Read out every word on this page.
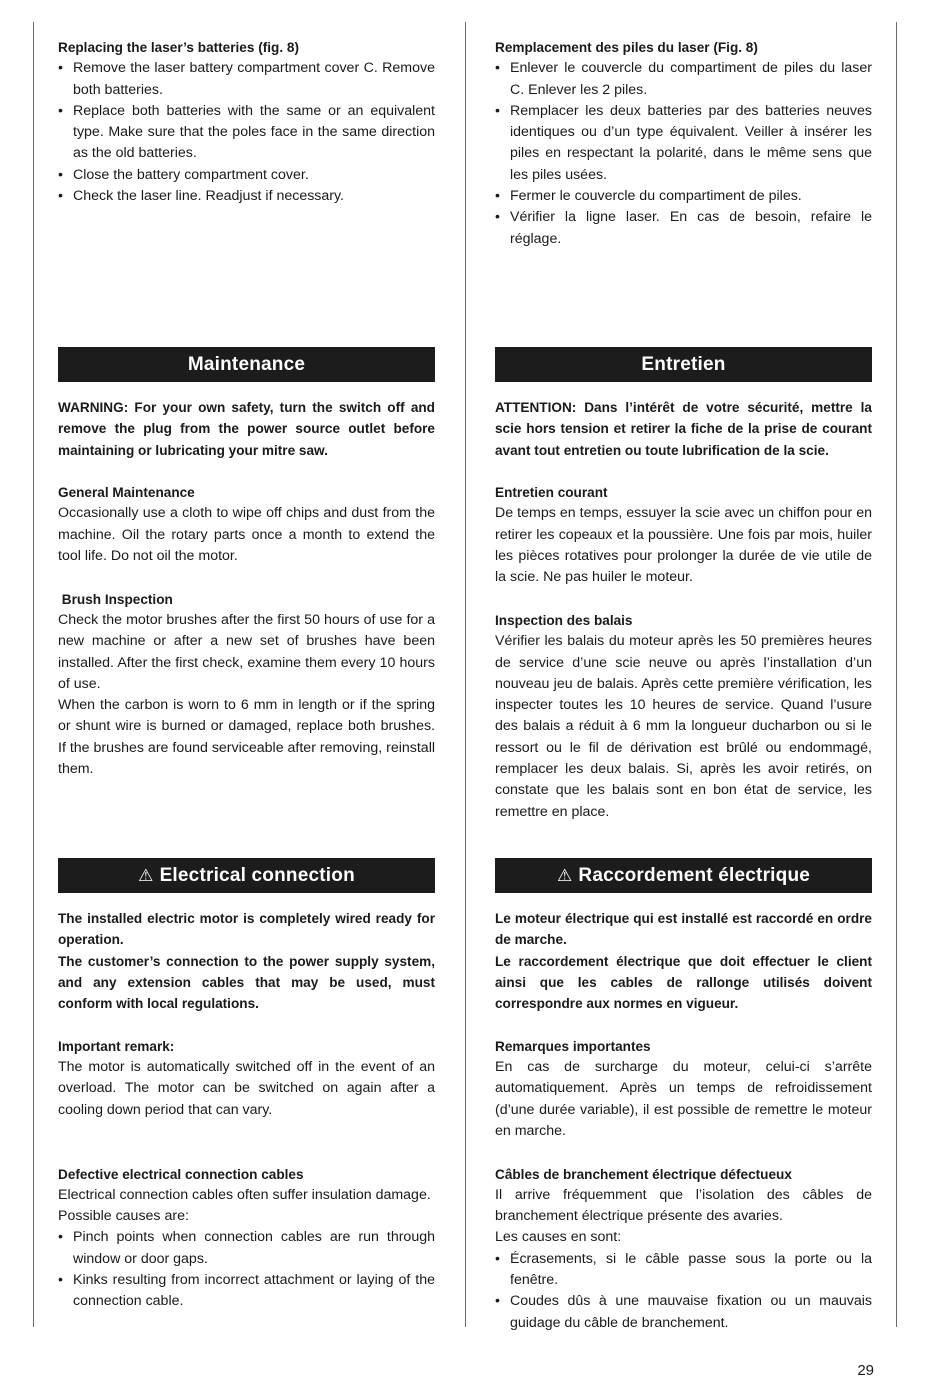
Replacing the laser’s batteries (fig. 8)

• Remove the laser battery compartment cover C. Remove both batteries.
• Replace both batteries with the same or an equivalent type. Make sure that the poles face in the same direction as the old batteries.
• Close the battery compartment cover.
• Check the laser line. Readjust if necessary.
Maintenance

WARNING: For your own safety, turn the switch off and remove the plug from the power source outlet before maintaining or lubricating your mitre saw.

General Maintenance

Occasionally use a cloth to wipe off chips and dust from the machine. Oil the rotary parts once a month to extend the tool life. Do not oil the motor.

Brush Inspection

Check the motor brushes after the first 50 hours of use for a new machine or after a new set of brushes have been installed. After the first check, examine them every 10 hours of use.

When the carbon is worn to 6 mm in length or if the spring or shunt wire is burned or damaged, replace both brushes. If the brushes are found serviceable after removing, reinstall them.

⚠ Electrical connection

The installed electric motor is completely wired ready for operation.

The customer’s connection to the power supply system, and any extension cables that may be used, must conform with local regulations.

Important remark:

The motor is automatically switched off in the event of an overload. The motor can be switched on again after a cooling down period that can vary.

Defective electrical connection cables

Electrical connection cables often suffer insulation damage.

Possible causes are:

• Pinch points when connection cables are run through window or door gaps.
• Kinks resulting from incorrect attachment or laying of the connection cable.

Remplacement des piles du laser (Fig. 8)

• Enlever le couvercle du compartiment de piles du laser C. Enlever les 2 piles.
• Remplacer les deux batteries par des batteries neuves identiques ou d’un type équivalent. Veiller à insérer les piles en respectant la polarité, dans le même sens que les piles usées.
• Fermer le couvercle du compartiment de piles.
• Vérifier la ligne laser. En cas de besoin, refaire le réglage.
Entretien

ATTENTION: Dans l’intérêt de votre sécurité, mettre la scie hors tension et retirer la fiche de la prise de courant avant tout entretien ou toute lubrification de la scie.

Entretien courant

De temps en temps, essuyer la scie avec un chiffon pour en retirer les copeaux et la poussière. Une fois par mois, huiler les pièces rotatives pour prolonger la durée de vie utile de la scie. Ne pas huiler le moteur.

Inspection des balais

Vérifier les balais du moteur après les 50 premières heures de service d’une scie neuve ou après l’installation d’un nouveau jeu de balais. Après cette première vérification, les inspecter toutes les 10 heures de service. Quand l’usure des balais a réduit à 6 mm la longueur ducharbon ou si le ressort ou le fil de dérivation est brûlé ou endommagé, remplacer les deux balais. Si, après les avoir retirés, on constate que les balais sont en bon état de service, les remettre en place.

⚠ Raccordement électrique

Le moteur électrique qui est installé est raccordé en ordre de marche.

Le raccordement électrique que doit effectuer le client ainsi que les cables de rallonge utilisés doivent correspondre aux normes en vigueur.

Remarques importantes

En cas de surcharge du moteur, celui-ci s’arrête automatiquement. Après un temps de refroidissement (d’une durée variable), il est possible de remettre le moteur en marche.

Câbles de branchement électrique défectueux

Il arrive fréquemment que l’isolation des câbles de branchement électrique présente des avaries.

Les causes en sont:

• Écrasements, si le câble passe sous la porte ou la fenêtre.
• Coudes dûs à une mauvaise fixation ou un mauvais guidage du câble de branchement.
29
